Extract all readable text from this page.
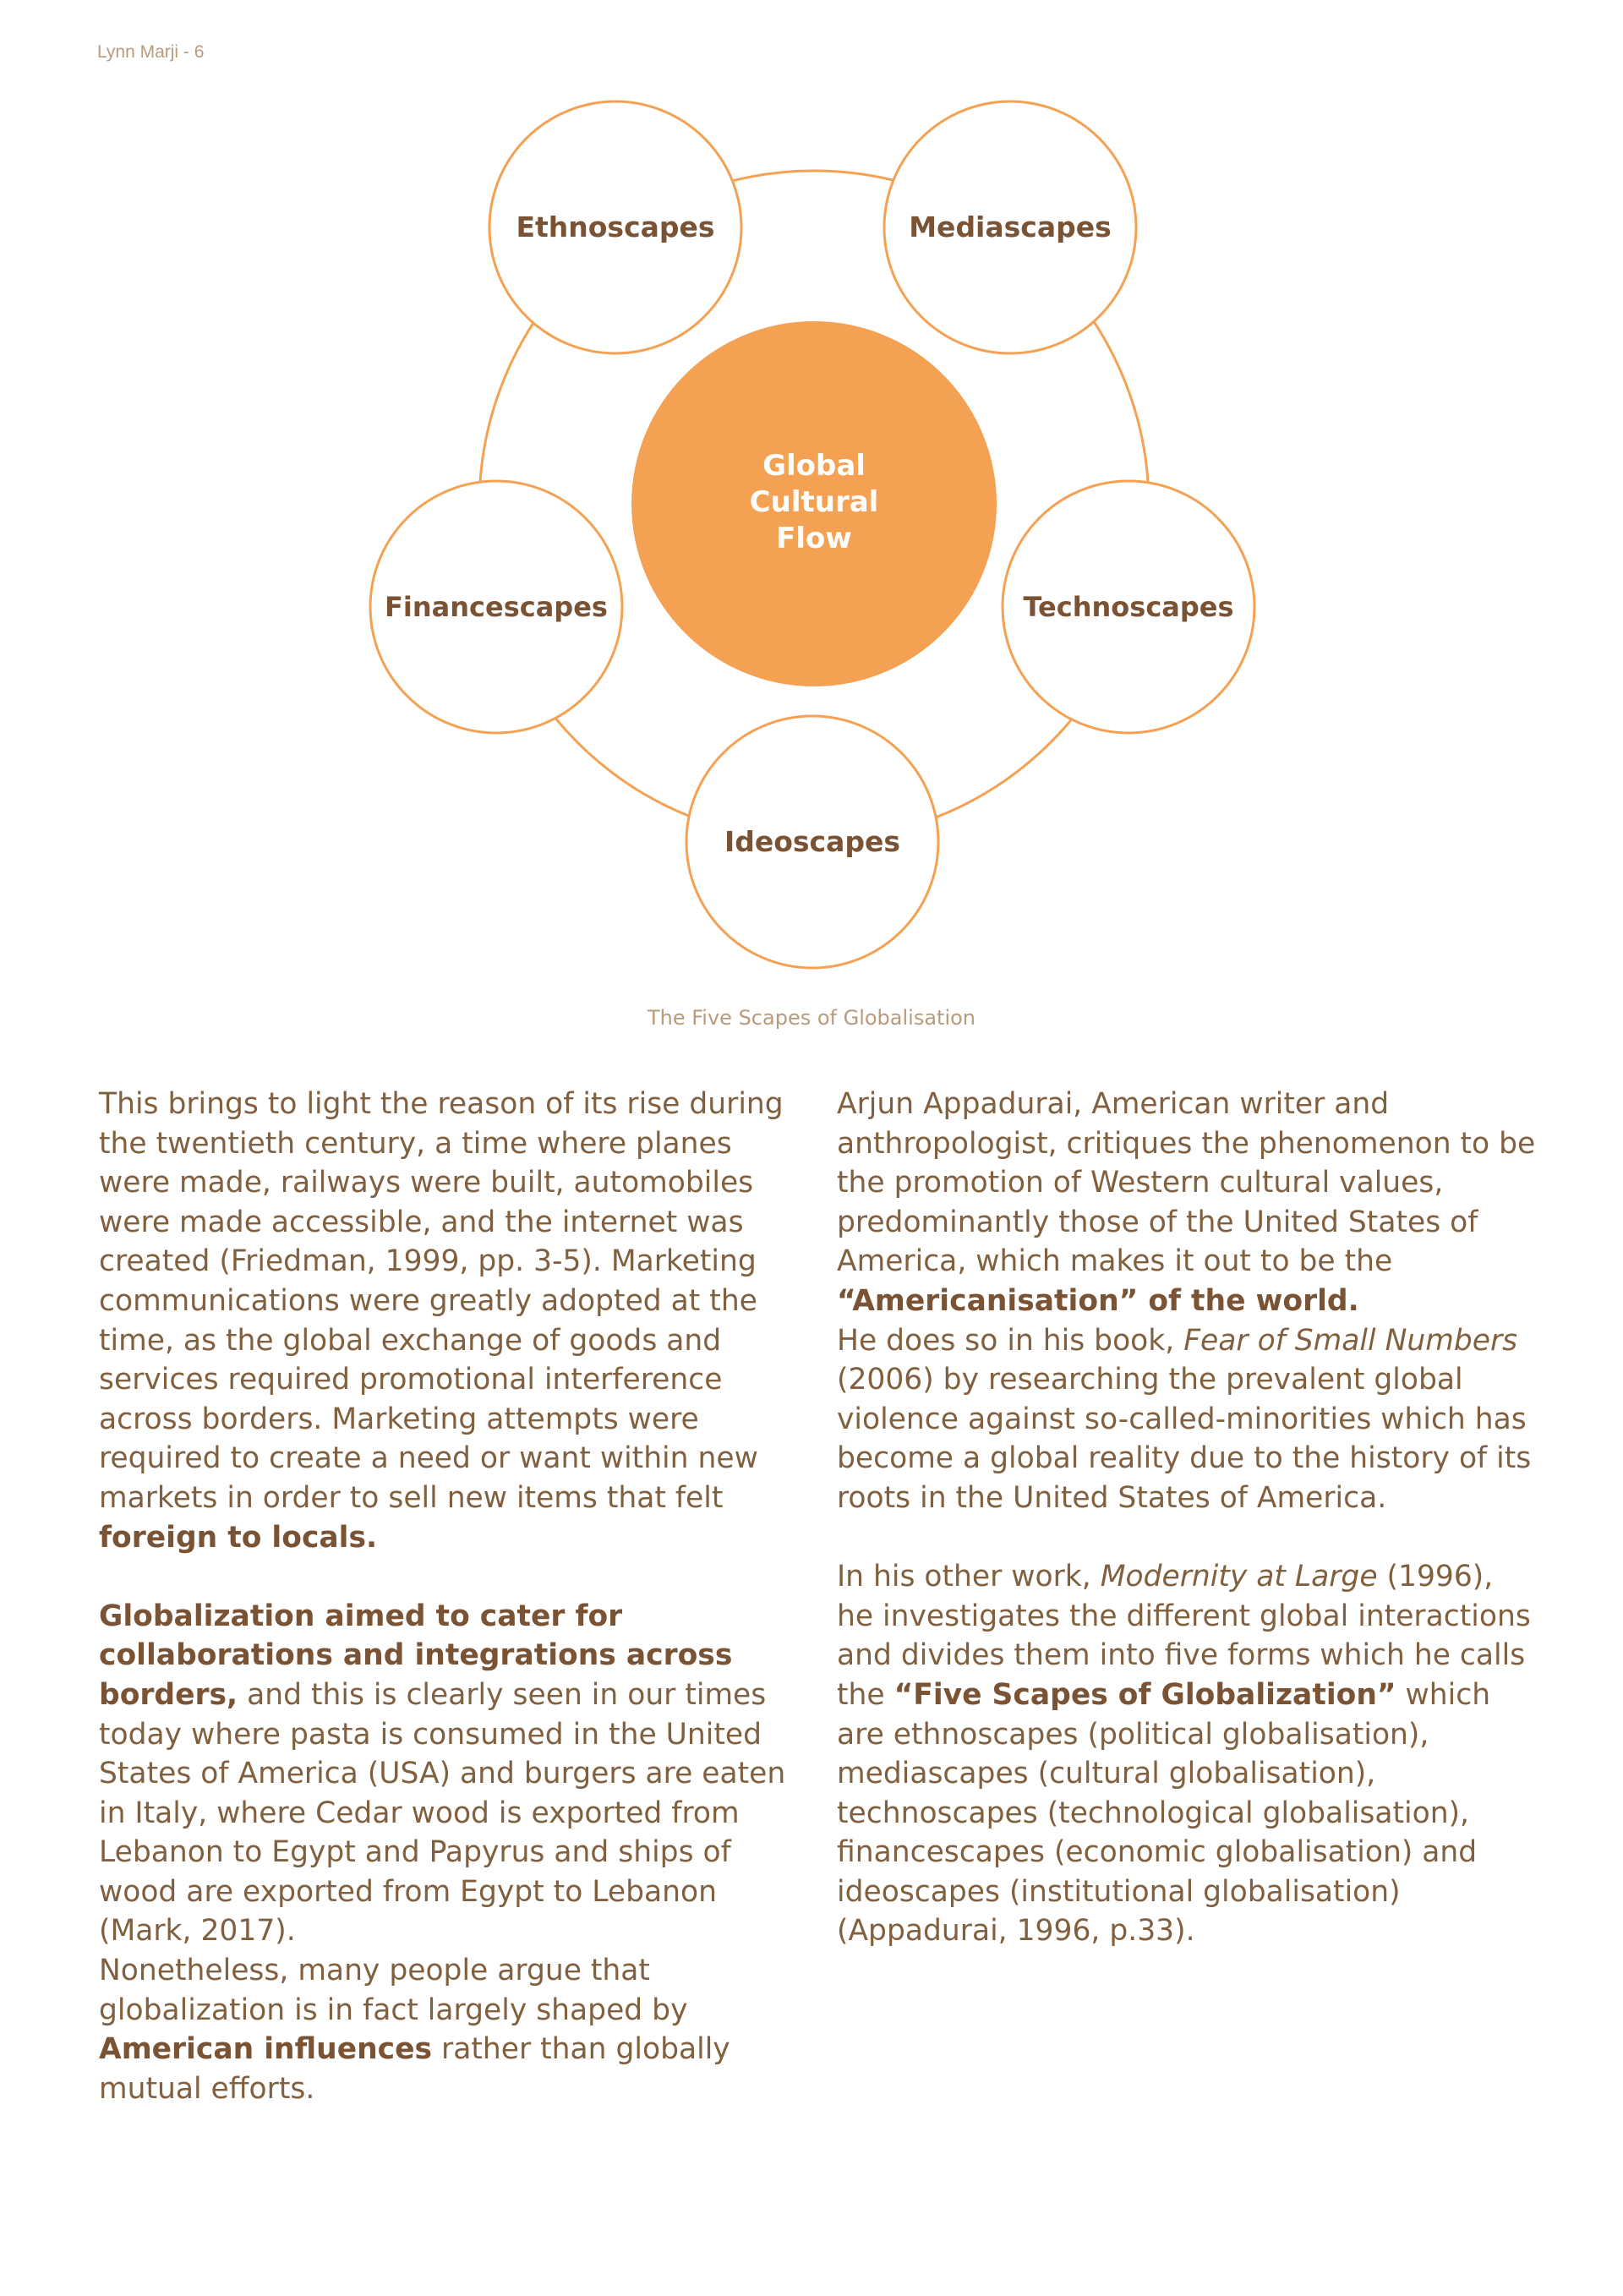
Lynn Marji - 6
Global
Cultural
Flow
Ethnoscapes	Mediascapes
Financescapes	Technoscapes
Ideoscapes
The Five Scapes of Globalisation

This brings to light the reason of its rise during the twentieth century, a time where planes were made, railways were built, automobiles were made accessible, and the internet was created (Friedman, 1999, pp. 3-5). Marketing communications were greatly adopted at the time, as the global exchange of goods and services required promotional interference across borders. Marketing attempts were required to create a need or want within new markets in order to sell new items that felt foreign to locals.

Globalization aimed to cater for collaborations and integrations across borders, and this is clearly seen in our times today where pasta is consumed in the United States of America (USA) and burgers are eaten in Italy, where Cedar wood is exported from Lebanon to Egypt and Papyrus and ships of wood are exported from Egypt to Lebanon (Mark, 2017).

Nonetheless, many people argue that globalization is in fact largely shaped by American influences rather than globally mutual efforts.

Arjun Appadurai, American writer and anthropologist, critiques the phenomenon to be the promotion of Western cultural values, predominantly those of the United States of America, which makes it out to be the “Americanisation” of the world.

He does so in his book, Fear of Small Numbers (2006) by researching the prevalent global violence against so-called-minorities which has become a global reality due to the history of its roots in the United States of America.

In his other work, Modernity at Large (1996), he investigates the different global interactions and divides them into five forms which he calls the “Five Scapes of Globalization” which are ethnoscapes (political globalisation), mediascapes (cultural globalisation), technoscapes (technological globalisation), financescapes (economic globalisation) and ideoscapes (institutional globalisation) (Appadurai, 1996, p.33).
